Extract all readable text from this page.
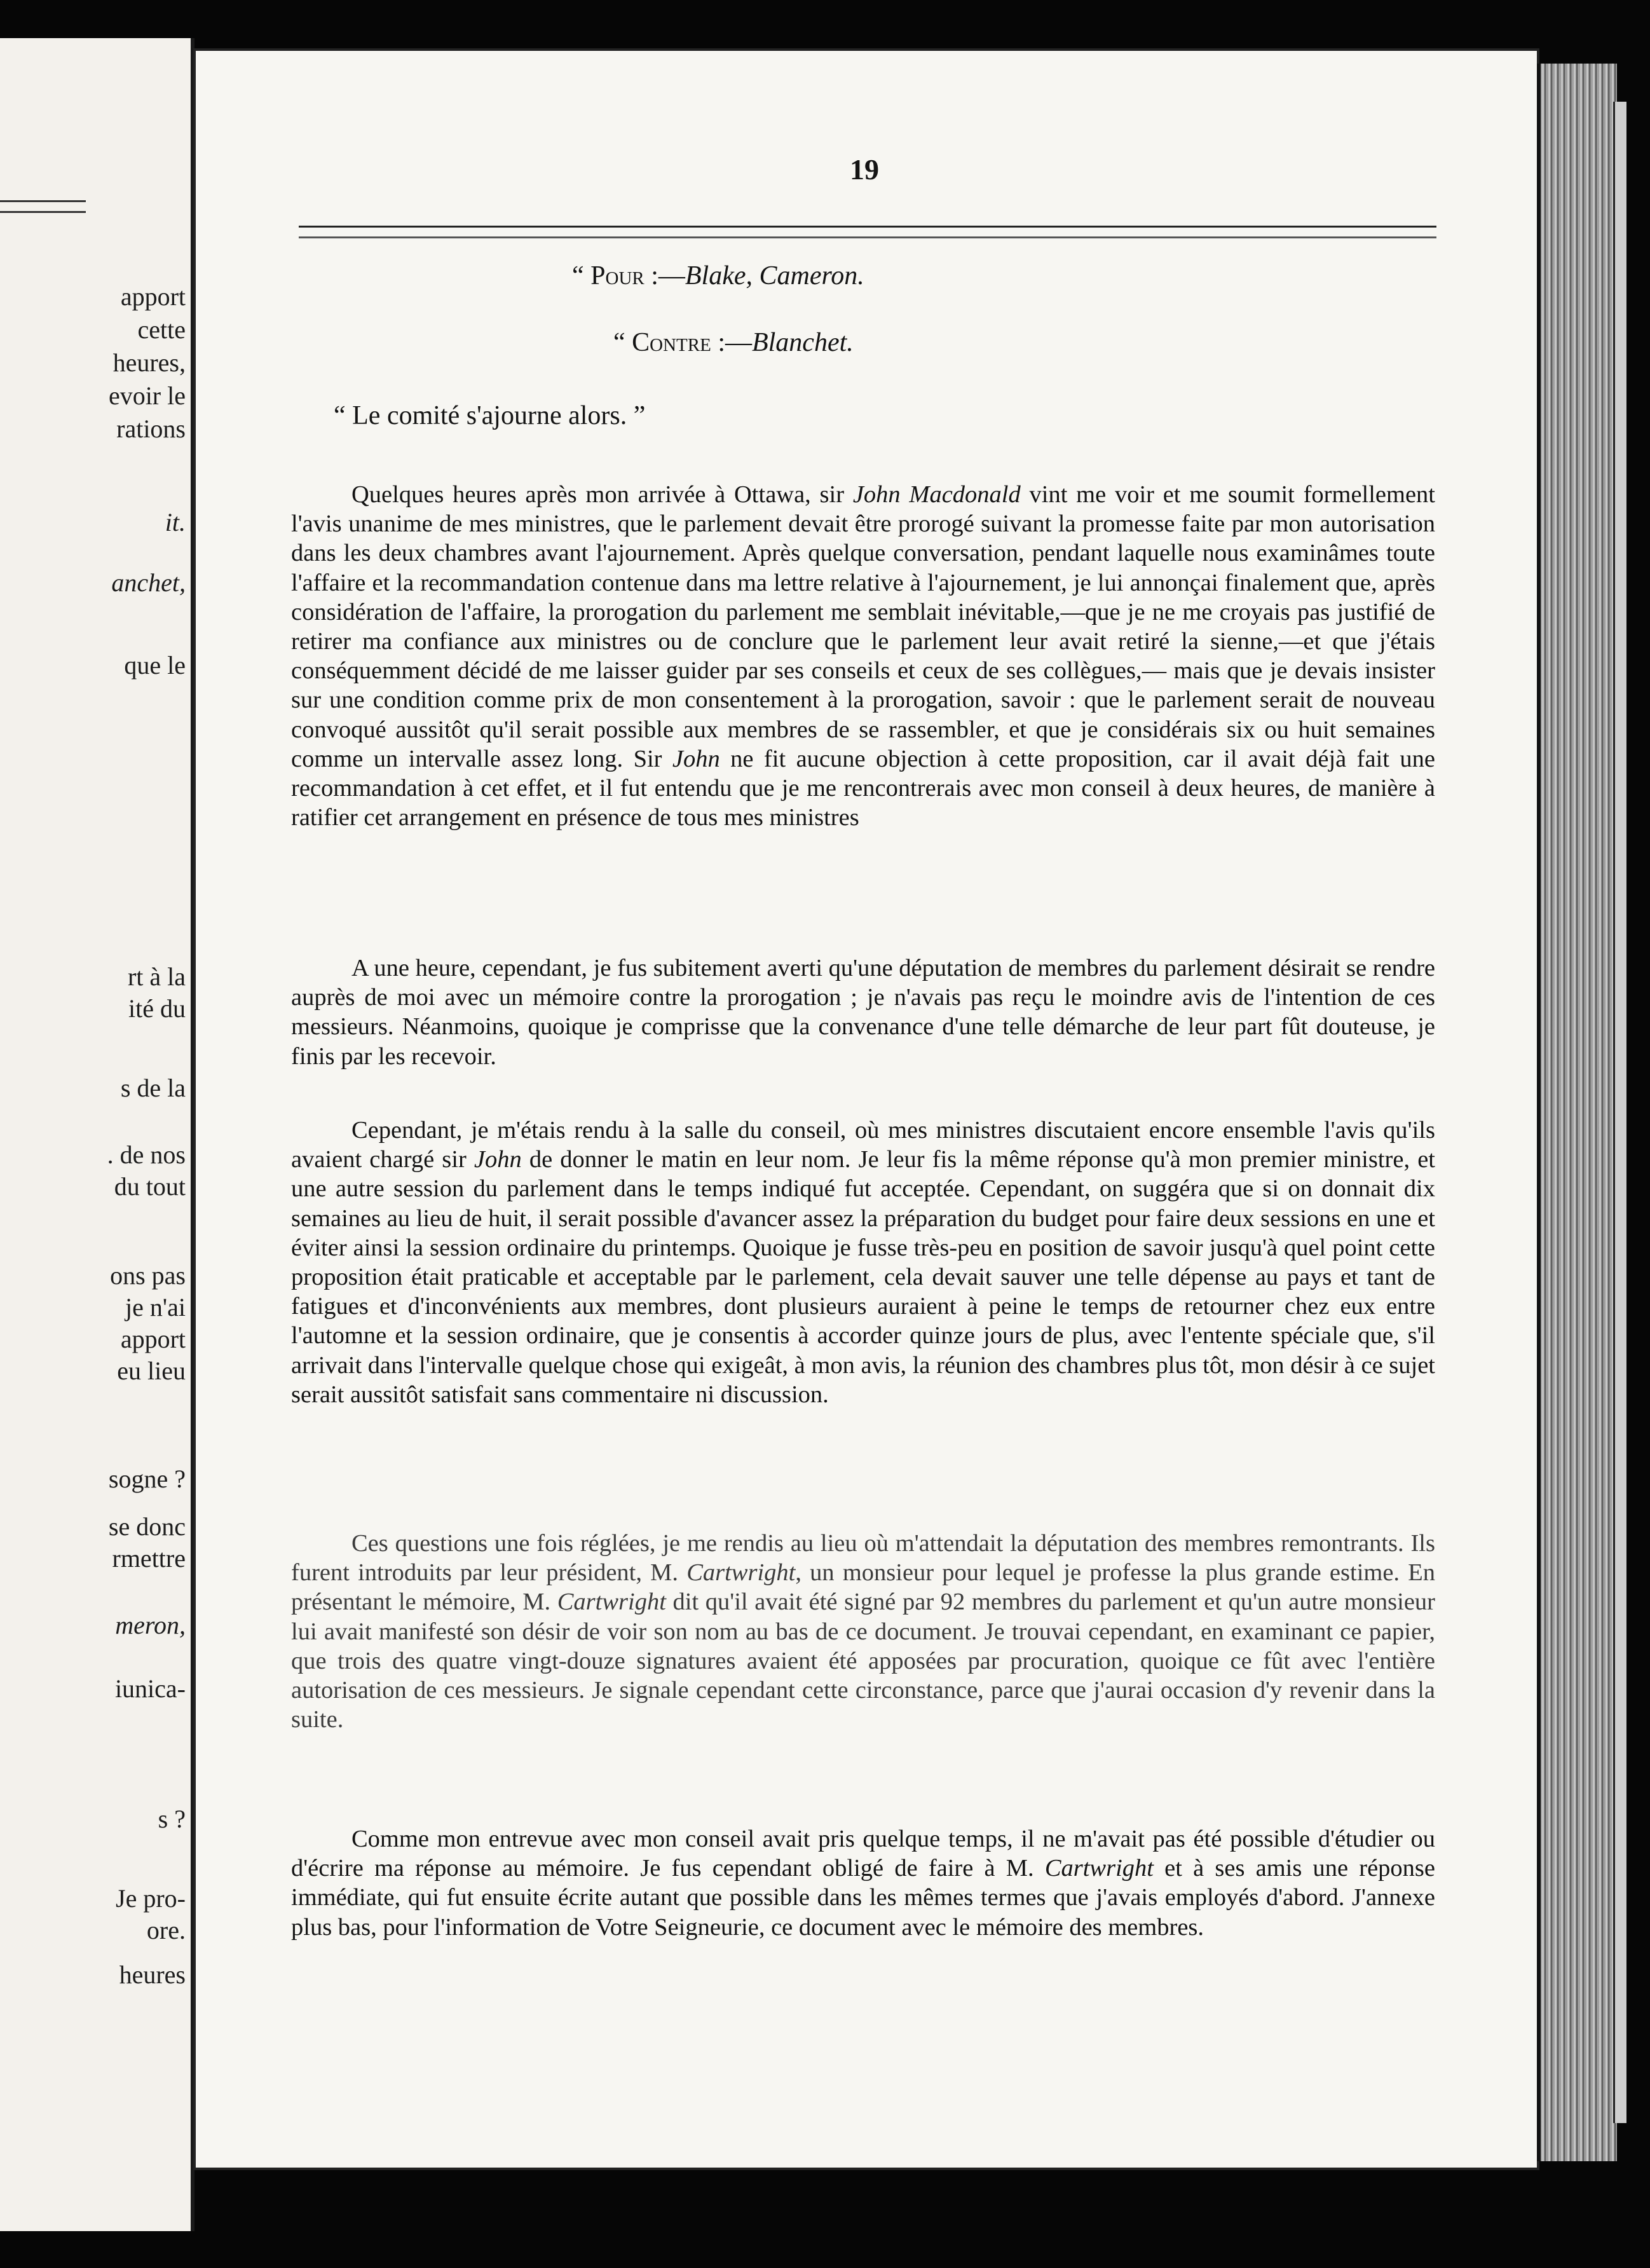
apport
cette
heures,
evoir le
rations
it.
anchet,
que le
rt à la
ité du
s de la
. de nos
du tout
ons pas
je n'ai
apport
eu lieu
sogne ?
se donc
rmettre
meron,
iunica-
s ?
Je pro-
ore.
heures
19
“ Pour :—Blake, Cameron.
“ Contre :—Blanchet.
“ Le comité s'ajourne alors. ”

Quelques heures après mon arrivée à Ottawa, sir John Macdonald vint me voir et me soumit formellement l'avis unanime de mes ministres, que le parlement devait être prorogé suivant la promesse faite par mon autorisation dans les deux chambres avant l'ajournement. Après quelque conversation, pendant laquelle nous examinâmes toute l'affaire et la recommandation contenue dans ma lettre relative à l'ajournement, je lui annonçai finalement que, après considération de l'affaire, la prorogation du parlement me semblait inévitable,—que je ne me croyais pas justifié de retirer ma confiance aux ministres ou de conclure que le parlement leur avait retiré la sienne,—et que j'étais conséquemment décidé de me laisser guider par ses conseils et ceux de ses collègues,— mais que je devais insister sur une condition comme prix de mon consentement à la prorogation, savoir : que le parlement serait de nouveau convoqué aussitôt qu'il serait possible aux membres de se rassembler, et que je considérais six ou huit semaines comme un intervalle assez long. Sir John ne fit aucune objection à cette proposition, car il avait déjà fait une recommandation à cet effet, et il fut entendu que je me rencontrerais avec mon conseil à deux heures, de manière à ratifier cet arrangement en présence de tous mes ministres

A une heure, cependant, je fus subitement averti qu'une députation de membres du parlement désirait se rendre auprès de moi avec un mémoire contre la prorogation ; je n'avais pas reçu le moindre avis de l'intention de ces messieurs. Néanmoins, quoique je comprisse que la convenance d'une telle démarche de leur part fût douteuse, je finis par les recevoir.

Cependant, je m'étais rendu à la salle du conseil, où mes ministres discutaient encore ensemble l'avis qu'ils avaient chargé sir John de donner le matin en leur nom. Je leur fis la même réponse qu'à mon premier ministre, et une autre session du parlement dans le temps indiqué fut acceptée. Cependant, on suggéra que si on donnait dix semaines au lieu de huit, il serait possible d'avancer assez la préparation du budget pour faire deux sessions en une et éviter ainsi la session ordinaire du printemps. Quoique je fusse très-peu en position de savoir jusqu'à quel point cette proposition était praticable et acceptable par le parlement, cela devait sauver une telle dépense au pays et tant de fatigues et d'inconvénients aux membres, dont plusieurs auraient à peine le temps de retourner chez eux entre l'automne et la session ordinaire, que je consentis à accorder quinze jours de plus, avec l'entente spéciale que, s'il arrivait dans l'intervalle quelque chose qui exigeât, à mon avis, la réunion des chambres plus tôt, mon désir à ce sujet serait aussitôt satisfait sans commentaire ni discussion.

Ces questions une fois réglées, je me rendis au lieu où m'attendait la députation des membres remontrants. Ils furent introduits par leur président, M. Cartwright, un monsieur pour lequel je professe la plus grande estime. En présentant le mémoire, M. Cartwright dit qu'il avait été signé par 92 membres du parlement et qu'un autre monsieur lui avait manifesté son désir de voir son nom au bas de ce document. Je trouvai cependant, en examinant ce papier, que trois des quatre vingt-douze signatures avaient été apposées par procuration, quoique ce fût avec l'entière autorisation de ces messieurs. Je signale cependant cette circonstance, parce que j'aurai occasion d'y revenir dans la suite.

Comme mon entrevue avec mon conseil avait pris quelque temps, il ne m'avait pas été possible d'étudier ou d'écrire ma réponse au mémoire. Je fus cependant obligé de faire à M. Cartwright et à ses amis une réponse immédiate, qui fut ensuite écrite autant que possible dans les mêmes termes que j'avais employés d'abord. J'annexe plus bas, pour l'information de Votre Seigneurie, ce document avec le mémoire des membres.
